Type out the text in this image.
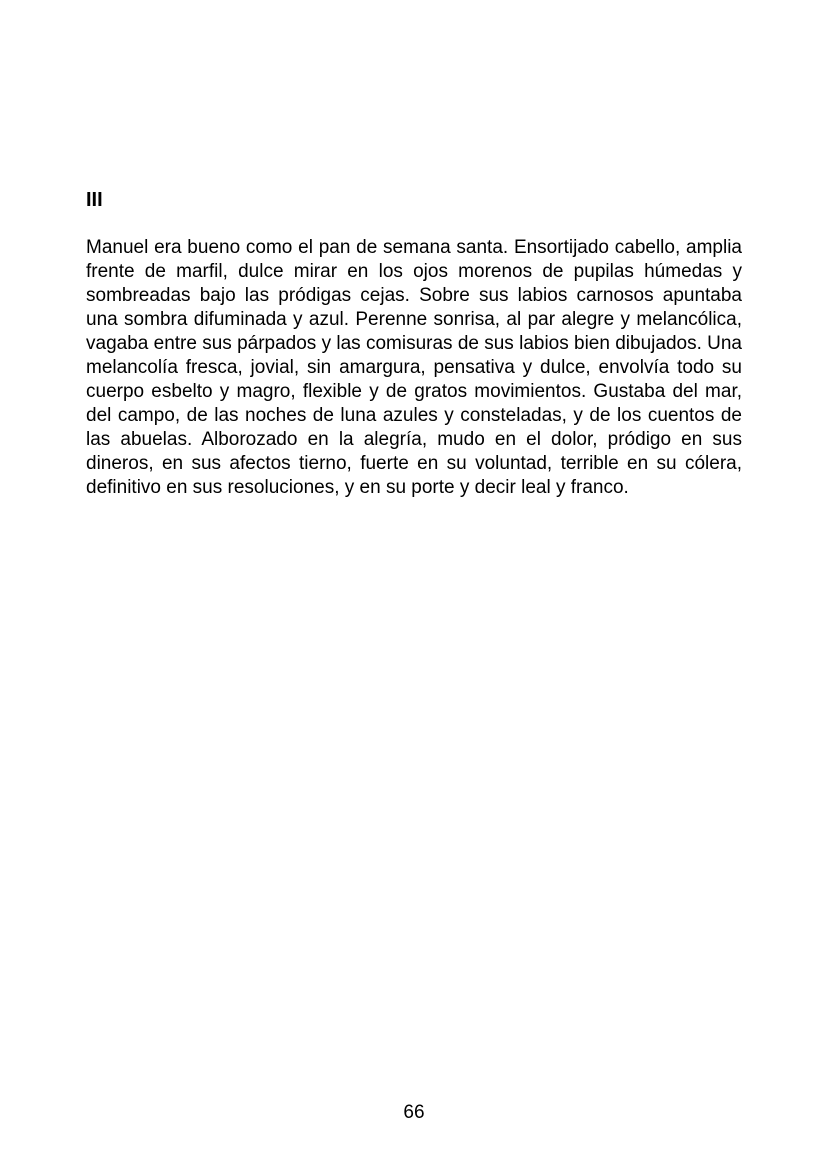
III

Manuel era bueno como el pan de semana santa. Ensortijado cabello, amplia frente de marfil, dulce mirar en los ojos morenos de pupilas húmedas y sombreadas bajo las pródigas cejas. Sobre sus labios carnosos apuntaba una sombra difuminada y azul. Perenne sonrisa, al par alegre y melancólica, vagaba entre sus párpados y las comisuras de sus labios bien dibujados. Una melancolía fresca, jovial, sin amargura, pensativa y dulce, envolvía todo su cuerpo esbelto y magro, flexible y de gratos movimientos. Gustaba del mar, del campo, de las noches de luna azules y consteladas, y de los cuentos de las abuelas. Alborozado en la alegría, mudo en el dolor, pródigo en sus dineros, en sus afectos tierno, fuerte en su voluntad, terrible en su cólera, definitivo en sus resoluciones, y en su porte y decir leal y franco.

66
